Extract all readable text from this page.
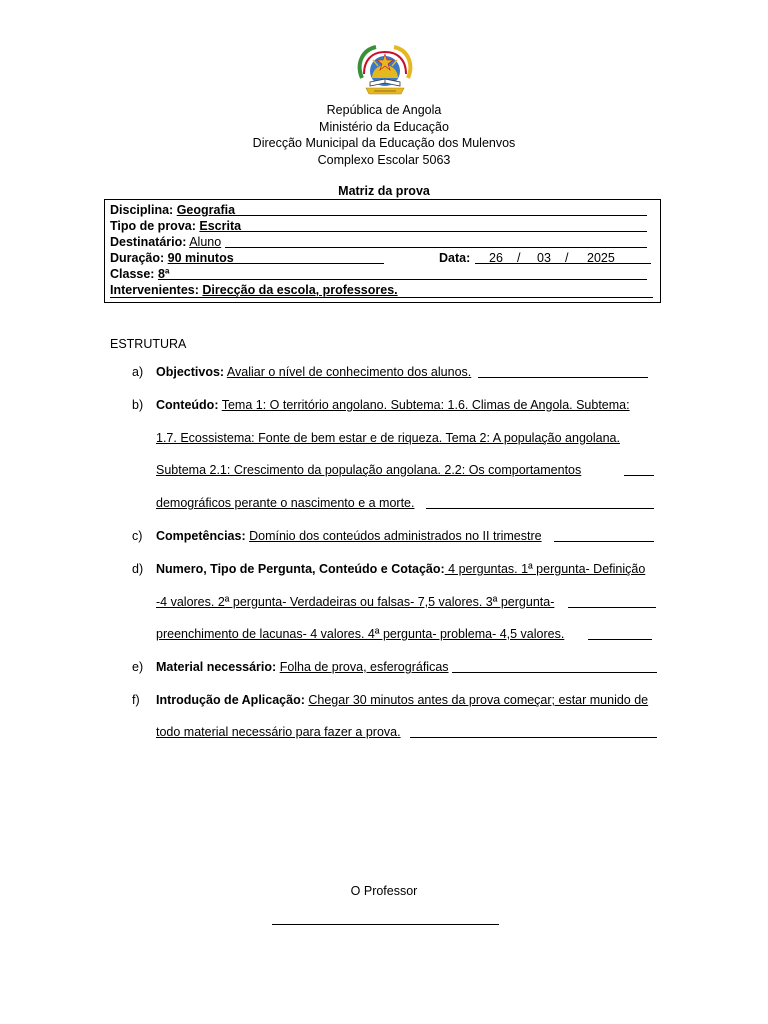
República de Angola
Ministério da Educação
Direcção Municipal da Educação dos Mulenvos
Complexo Escolar 5063
Matriz da prova
Disciplina: Geografia
Tipo de prova: Escrita
Destinatário: Aluno
Duração: 90 minutos	Data: 26 / 03 / 2025
Classe: 8ª
Intervenientes: Direcção da escola, professores.
ESTRUTURA
a) Objectivos: Avaliar o nível de conhecimento dos alunos.
b) Conteúdo: Tema 1: O território angolano. Subtema: 1.6. Climas de Angola. Subtema:
1.7. Ecossistema: Fonte de bem estar e de riqueza. Tema 2: A população angolana.
Subtema 2.1: Crescimento da população angolana. 2.2: Os comportamentos
demográficos perante o nascimento e a morte.
c) Competências: Domínio dos conteúdos administrados no II trimestre
d) Numero, Tipo de Pergunta, Conteúdo e Cotação: 4 perguntas. 1ª pergunta- Definição
-4 valores. 2ª pergunta- Verdadeiras ou falsas- 7,5 valores. 3ª pergunta-
preenchimento de lacunas- 4 valores. 4ª pergunta- problema- 4,5 valores.
e) Material necessário: Folha de prova, esferográficas
f) Introdução de Aplicação: Chegar 30 minutos antes da prova começar; estar munido de
todo material necessário para fazer a prova.
O Professor
